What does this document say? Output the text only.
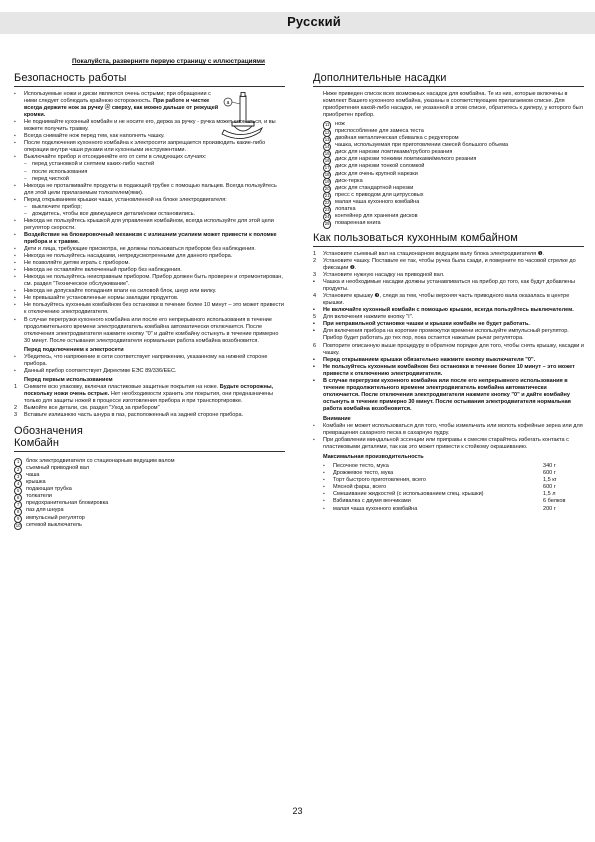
Русский
Покалуйста, разверните первую страницу с иллюстрациями
a
Безопасность работы
▪ Используемые ножи и диски являются очень острыми; при обращении с ними следует соблюдать крайнюю осторожность. При работе и чистке всегда держите нож за ручку ⓐ сверху, как можно дальше от режущей кромки.
▪ Не поднимайте кухонный комбайн и не носите его, держа за ручку - ручка может сломаться, и вы можете получить травму.
▪ Всегда снимайте нож перед тем, как наполнять чашку.
▪ После подключения кухонного комбайна к электросети запрещается производить какие-либо операции внутри чаши руками или кухонными инструментами.
▪ Выключайте прибор и отсоединяйте его от сети в следующих случаях:
– перед установкой и снятием каких-либо частей
– после использования
– перед чисткой
▪ Никогда не проталкивайте продукты в подающей трубке с помощью пальцев. Всегда пользуйтесь для этой цели прилагаемым толкателем(ями).
▪ Перед открыванием крышки чаши, установленной на блоке электродвигателя:
– выключите прибор;
– дождитесь, чтобы все движущиеся детали/ножи остановились.
▪ Никогда не пользуйтесь крышкой для управления комбайном, всегда используйте для этой цели регулятор скорости.
▪ Воздействие на блокировочный механизм с излишним усилием может привести к поломке прибора и к травме.
▪ Дети и лица, требующие присмотра, не должны пользоваться прибором без наблюдения.
▪ Никогда не пользуйтесь насадками, непредусмотренными для данного прибора.
▪ Не позволяйте детям играть с прибором.
▪ Никогда не оставляйте включенный прибор без наблюдения.
▪ Никогда не пользуйтесь неисправным прибором. Прибор должен быть проверен и отремонтирован, см. раздел "Техническое обслуживание".
▪ Никогда не допускайте попадания влаги на силовой блок, шнур или вилку.
▪ Не превышайте установленные нормы закладки продуктов.
▪ Не пользуйтесь кухонным комбайном без остановки в течение более 10 минут – это может привести к отключению электродвигателя.
▪ В случае перегрузки кухонного комбайна или после его непрерывного использования в течение продолжительного времени электродвигатель комбайна автоматически отключается. После отключения электродвигателя нажмите кнопку "0" и дайте комбайну остынуть в течение примерно 30 минут. После остывания электродвигателя нормальная работа комбайна возобновится.
Перед подключением к электросети
▪ Убедитесь, что напряжение в сети соответствует напряжению, указанному на нижней стороне прибора.
▪ Данный прибор соответствует Директиве ЕЭС 89/336/EEC.
Перед первым использованием
1 Снимите всю упаковку, включая пластиковые защитные покрытия на ноже. Будьте осторожны, поскольку ножи очень острые. Нет необходимости хранить эти покрытия, они предназначены только для защиты ножей в процессе изготовления прибора и при транспортировке.
2 Вымойте все детали, см. раздел "Уход за прибором"
3 Вставьте излишнюю часть шнура в паз, расположенный на задней стороне прибора.
Обозначения
Комбайн
1	блок электродвигателя со стационарным ведущим валом
2	съемный приводной вал
3	чаша
4	крышка
5	подающая трубка
6	толкатели
7	предохранительная блокировка
8	паз для шнура
9	импульсный регулятор
10 сетевой выключатель
Дополнительные насадки
Ниже приведен список всех возможных насадок для комбайна. Те из них, которые включены в комплект Вашего кухонного комбайна, указаны в соответствующем прилагаемом списке. Для приобретения какой-либо насадки, не указанной в этом списке, обратитесь к дилеру, у которого был приобретен прибор.
11	нож
12 приспособление для замеса теста
13 двойная металлическая сбивалка с редуктором
14 чашка, используемая при приготовлении смесей большого объема
15 диск для нарезки ломтиками/грубого резания
16 диск для нарезки тонкими ломтиками/мелкого резания
17 диск для нарезки тонкой соломкой
18 диск для очень крупной нарезки
19 диск-терка
20 диск для стандартной нарезки
21 пресс с приводом для цитрусовых
22 малая чаша кухонного комбайна
23 лопатка
24 контейнер для хранения дисков
25 поваренная книга
Как пользоваться кухонным комбайном
1 Установите съемный вал на стационарном ведущем валу блока электродвигателя ❶.
2 Установите чашку. Поставьте ее так, чтобы ручка была сзади, и поверните по часовой стрелке до фиксации ❷.
3 Установите нужную насадку на приводной вал.
▪ Чашка и необходимые насадки должны устанавливаться на прибор до того, как будут добавлены продукты.
4 Установите крышку ❸, следя за тем, чтобы верхняя часть приводного вала оказалась в центре крышки.
▪ Не включайте кухонный комбайн с помощью крышки, всегда пользуйтесь выключателем.
5 Для включения нажмите кнопку "I".
▪ При неправильной установке чашки и крышки комбайн не будет работать.
▪ Для включения прибора на короткие промежутки времени используйте импульсный регулятор. Прибор будет работать до тех пор, пока остается нажатым рычаг регулятора.
6 Повторите описанную выше процедуру в обратном порядке для того, чтобы снять крышку, насадки и чашку.
▪ Перед открыванием крышки обязательно нажмите кнопку выключателя "0".
▪ Не пользуйтесь кухонным комбайном без остановки в течение более 10 минут – это может привести к отключению электродвигателя.
▪ В случае перегрузки кухонного комбайна или после его непрерывного использования в течение продолжительного времени электродвигатель комбайна автоматически отключается. После отключения электродвигателя нажмите кнопку "0" и дайте комбайну остынуть в течение примерно 30 минут. После остывания электродвигателя нормальная работа комбайна возобновится.
Внимание
▪ Комбайн не может использоваться для того, чтобы измельчать или молоть кофейные зерна или для превращения сахарного песка в сахарную пудру.
▪ При добавлении миндальной эссенции или приправы к смесям старайтесь избегать контакта с пластиковыми деталями, так как это может привести к стойкому окрашиванию.
Максимальная производительность
▪ Песочное тесто, мука	340 г
▪ Дрожжевое тесто, мука	600 г
▪ Торт быстрого приготовления, всего	1,5 кг
▪ Мясной фарш, всего	600 г
▪ Смешивание жидкостей (с использованием спец. крышки)	1,5 л
▪ Взбивалка с двумя венчиками	6 белков
▪ малая чаша кухонного комбайна	200 г
23
